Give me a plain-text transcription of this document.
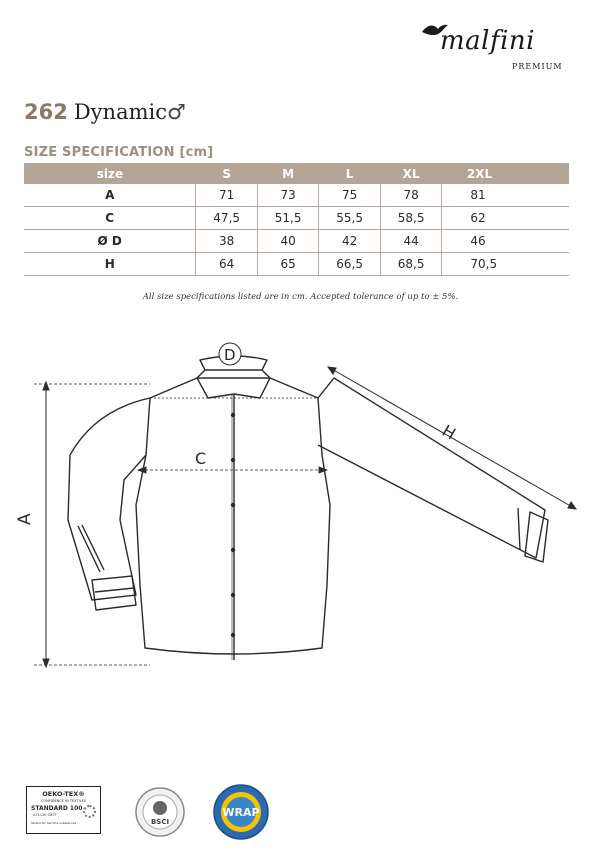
malfini
PREMIUM
262 Dynamic♂
SIZE SPECIFICATION [cm]
size	S	M	L	XL	2XL
A	71	73	75	78	81
C	47,5	51,5	55,5	58,5	62
Ø D	38	40	42	44	46
H	64	65	66,5	68,5	70,5
All size specifications listed are in cm. Accepted tolerance of up to ± 5%.
A
C
D
H
OEKO-TEX®
CONFIDENCE IN TEXTILES
STANDARD 100
A71120 CBTT
Tested for harmful substances	BSCI
WRAP
